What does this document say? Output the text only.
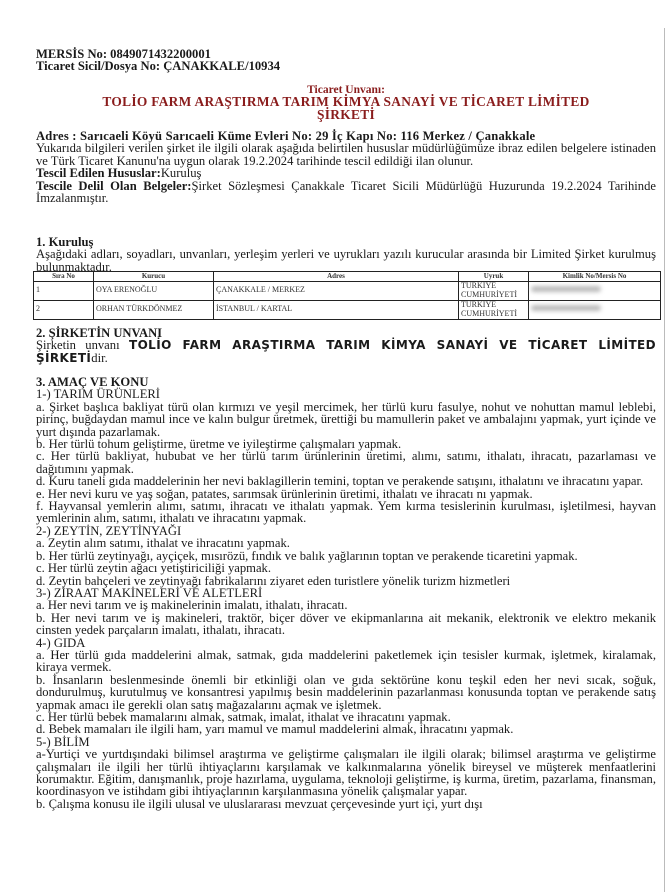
MERSİS No: 0849071432200001

Ticaret Sicil/Dosya No: ÇANAKKALE/10934

Ticaret Unvanı:

TOLİO FARM ARAŞTIRMA TARIM KİMYA SANAYİ VE TİCARET LİMİTED

ŞİRKETİ

Adres : Sarıcaeli Köyü Sarıcaeli Küme Evleri No: 29 İç Kapı No: 116 Merkez / Çanakkale

Yukarıda bilgileri verilen şirket ile ilgili olarak aşağıda belirtilen hususlar müdürlüğümüze ibraz edilen belgelere istinaden ve Türk Ticaret Kanunu'na uygun olarak 19.2.2024 tarihinde tescil edildiği ilan olunur.

Tescil Edilen Hususlar:Kuruluş

Tescile Delil Olan Belgeler:Şirket Sözleşmesi Çanakkale Ticaret Sicili Müdürlüğü Huzurunda 19.2.2024 Tarihinde İmzalanmıştır.

1. Kuruluş

Aşağıdaki adları, soyadları, unvanları, yerleşim yerleri ve uyrukları yazılı kurucular arasında bir Limited Şirket kurulmuş bulunmaktadır.

Sıra No	Kurucu	Adres	Uyruk	Kimlik No/Mersis No
1	OYA ERENOĞLU	ÇANAKKALE / MERKEZ	TÜRKİYE CUMHURİYETİ	
2	ORHAN TÜRKDÖNMEZ	İSTANBUL / KARTAL	TÜRKİYE CUMHURİYETİ	

2. ŞİRKETİN UNVANI

Şirketin unvanı TOLİO FARM ARAŞTIRMA TARIM KİMYA SANAYİ VE TİCARET LİMİTED ŞİRKETİdir.

3. AMAÇ VE KONU

1-) TARIM ÜRÜNLERİ

a. Şirket başlıca bakliyat türü olan kırmızı ve yeşil mercimek, her türlü kuru fasulye, nohut ve nohuttan mamul leblebi, pirinç, buğdaydan mamul ince ve kalın bulgur üretmek, ürettiği bu mamullerin paket ve ambalajını yapmak, yurt içinde ve yurt dışında pazarlamak.

b. Her türlü tohum geliştirme, üretme ve iyileştirme çalışmaları yapmak.

c. Her türlü bakliyat, hububat ve her türlü tarım ürünlerinin üretimi, alımı, satımı, ithalatı, ihracatı, pazarlaması ve dağıtımını yapmak.

d. Kuru taneli gıda maddelerinin her nevi baklagillerin temini, toptan ve perakende satışını, ithalatını ve ihracatını yapar.

e. Her nevi kuru ve yaş soğan, patates, sarımsak ürünlerinin üretimi, ithalatı ve ihracatı nı yapmak.

f. Hayvansal yemlerin alımı, satımı, ihracatı ve ithalatı yapmak. Yem kırma tesislerinin kurulması, işletilmesi, hayvan yemlerinin alım, satımı, ithalatı ve ihracatını yapmak.

2-) ZEYTİN, ZEYTİNYAĞI

a. Zeytin alım satımı, ithalat ve ihracatını yapmak.

b. Her türlü zeytinyağı, ayçiçek, mısırözü, fındık ve balık yağlarının toptan ve perakende ticaretini yapmak.

c. Her türlü zeytin ağacı yetiştiriciliği yapmak.

d. Zeytin bahçeleri ve zeytinyağı fabrikalarını ziyaret eden turistlere yönelik turizm hizmetleri

3-) ZİRAAT MAKİNELERİ VE ALETLERİ

a. Her nevi tarım ve iş makinelerinin imalatı, ithalatı, ihracatı.

b. Her nevi tarım ve iş makineleri, traktör, biçer döver ve ekipmanlarına ait mekanik, elektronik ve elektro mekanik cinsten yedek parçaların imalatı, ithalatı, ihracatı.

4-) GIDA

a. Her türlü gıda maddelerini almak, satmak, gıda maddelerini paketlemek için tesisler kurmak, işletmek, kiralamak, kiraya vermek.

b. İnsanların beslenmesinde önemli bir etkinliği olan ve gıda sektörüne konu teşkil eden her nevi sıcak, soğuk, dondurulmuş, kurutulmuş ve konsantresi yapılmış besin maddelerinin pazarlanması konusunda toptan ve perakende satış yapmak amacı ile gerekli olan satış mağazalarını açmak ve işletmek.

c. Her türlü bebek mamalarını almak, satmak, imalat, ithalat ve ihracatını yapmak.

d. Bebek mamaları ile ilgili ham, yarı mamul ve mamul maddelerini almak, ihracatını yapmak.

5-) BİLİM

a-Yurtiçi ve yurtdışındaki bilimsel araştırma ve geliştirme çalışmaları ile ilgili olarak; bilimsel araştırma ve geliştirme çalışmaları ile ilgili her türlü ihtiyaçlarını karşılamak ve kalkınmalarına yönelik bireysel ve müşterek menfaatlerini korumaktır. Eğitim, danışmanlık, proje hazırlama, uygulama, teknoloji geliştirme, iş kurma, üretim, pazarlama, finansman, koordinasyon ve istihdam gibi ihtiyaçlarının karşılanmasına yönelik çalışmalar yapar.

b. Çalışma konusu ile ilgili ulusal ve uluslararası mevzuat çerçevesinde yurt içi, yurt dışı
